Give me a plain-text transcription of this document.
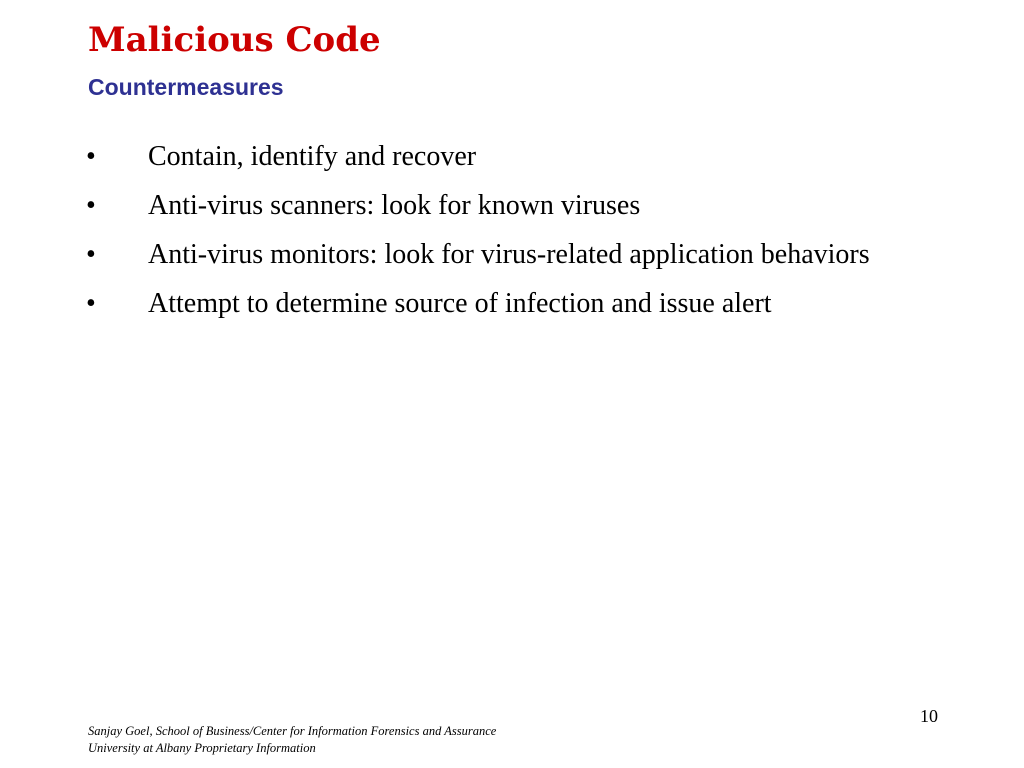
Malicious Code
Countermeasures
•	Contain, identify and recover
•	Anti-virus scanners: look for known viruses
•	Anti-virus monitors: look for virus-related application behaviors
•	Attempt to determine source of infection and issue alert
10
Sanjay Goel, School of Business/Center for Information Forensics and Assurance
University at Albany Proprietary Information
